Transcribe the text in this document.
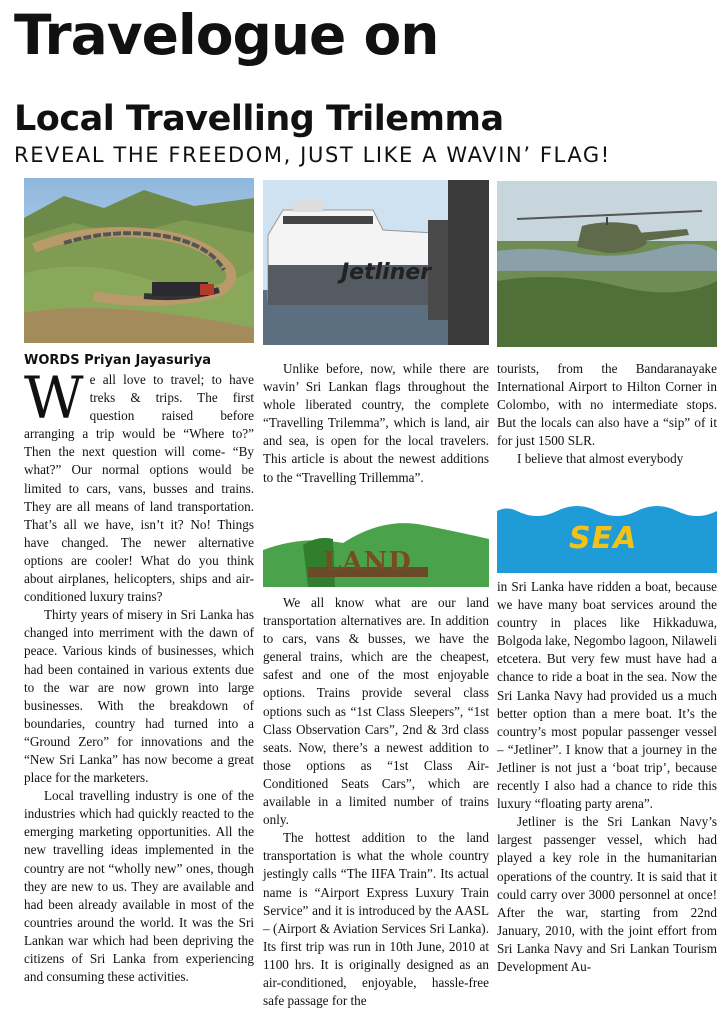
Travelogue on
Local Travelling Trilemma
REVEAL THE FREEDOM, JUST LIKE A WAVIN’ FLAG!
Jetliner
WORDS Priyan Jayasuriya
W e all love to travel; to have treks & trips. The first question raised before arranging a trip would be “Where to?” Then the next question will come- “By what?” Our normal options would be limited to cars, vans, busses and trains. They are all means of land transportation. That’s all we have, isn’t it? No! Things have changed. The newer alternative options are cooler! What do you think about airplanes, helicopters, ships and air-conditioned luxury trains?

Thirty years of misery in Sri Lanka has changed into merriment with the dawn of peace. Various kinds of businesses, which had been contained in various extents due to the war are now grown into large businesses. With the breakdown of boundaries, country had turned into a “Ground Zero” for innovations and the “New Sri Lanka” has now become a great place for the marketers.

Local travelling industry is one of the industries which had quickly reacted to the emerging marketing opportunities. All the new travelling ideas implemented in the country are not “wholly new” ones, though they are new to us. They are available and had been already available in most of the countries around the world. It was the Sri Lankan war which had been depriving the citizens of Sri Lanka from experiencing and consuming these activities.

Unlike before, now, while there are wavin’ Sri Lankan flags throughout the whole liberated country, the complete “Travelling Trilemma”, which is land, air and sea, is open for the local travelers. This article is about the newest additions to the “Travelling Trillemma”.

LAND

We all know what are our land transportation alternatives are. In addition to cars, vans & busses, we have the general trains, which are the cheapest, safest and one of the most enjoyable options. Trains provide several class options such as “1st Class Sleepers”, “1st Class Observation Cars”, 2nd & 3rd class seats. Now, there’s a newest addition to those options as “1st Class Air-Conditioned Seats Cars”, which are available in a limited number of trains only.

The hottest addition to the land transportation is what the whole country jestingly calls “The IIFA Train”. Its actual name is “Airport Express Luxury Train Service” and it is introduced by the AASL – (Airport & Aviation Services Sri Lanka). Its first trip was run in 10th June, 2010 at 1100 hrs. It is originally designed as an air-conditioned, enjoyable, hassle-free safe passage for the

tourists, from the Bandaranayake International Airport to Hilton Corner in Colombo, with no intermediate stops. But the locals can also have a “sip” of it for just 1500 SLR.

I believe that almost everybody

SEA

in Sri Lanka have ridden a boat, because we have many boat services around the country in places like Hikkaduwa, Bolgoda lake, Negombo lagoon, Nilaweli etcetera. But very few must have had a chance to ride a boat in the sea. Now the Sri Lanka Navy had provided us a much better option than a mere boat. It’s the country’s most popular passenger vessel – “Jetliner”. I know that a journey in the Jetliner is not just a ‘boat trip’, because recently I also had a chance to ride this luxury “floating party arena”.

Jetliner is the Sri Lankan Navy’s largest passenger vessel, which had played a key role in the humanitarian operations of the country. It is said that it could carry over 3000 personnel at once! After the war, starting from 22nd January, 2010, with the joint effort from Sri Lanka Navy and Sri Lankan Tourism Development Au-
